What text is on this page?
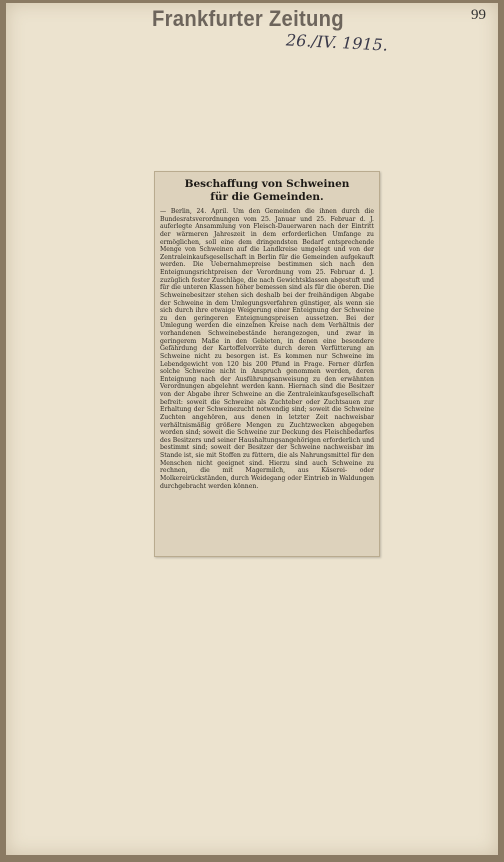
Frankfurter Zeitung	99
26./IV. 1915.
Beschaffung von Schweinen
für die Gemeinden.
— Berlin, 24. April. Um den Gemeinden die ihnen durch die Bundesratsverordnungen vom 25. Januar und 25. Februar d. J. auferlegte Ansammlung von Fleisch-Dauerwaren nach der Eintritt der wärmeren Jahreszeit in dem erforderlichen Umfange zu ermöglichen, soll eine dem dringendsten Bedarf entsprechende Menge von Schweinen auf die Landkreise umgelegt und von der Zentraleinkaufsgesellschaft in Berlin für die Gemeinden aufgekauft werden. Die Uebernahmepreise bestimmen sich nach den Enteignungsrichtpreisen der Verordnung vom 25. Februar d. J. zuzüglich fester Zuschläge, die nach Gewichtsklassen abgestuft und für die unteren Klassen höher bemessen sind als für die oberen. Die Schweinebesitzer stehen sich deshalb bei der freihändigen Abgabe der Schweine in dem Umlegungsverfahren günstiger, als wenn sie sich durch ihre etwaige Weigerung einer Enteignung der Schweine zu den geringeren Enteignungspreisen aussetzen. Bei der Umlegung werden die einzelnen Kreise nach dem Verhältnis der vorhandenen Schweinebestände herangezogen, und zwar in geringerem Maße in den Gebieten, in denen eine besondere Gefährdung der Kartoffelvorräte durch deren Verfütterung an Schweine nicht zu besorgen ist. Es kommen nur Schweine im Lebendgewicht von 120 bis 200 Pfund in Frage. Ferner dürfen solche Schweine nicht in Anspruch genommen werden, deren Enteignung nach der Ausführungsanweisung zu den erwähnten Verordnungen abgelehnt werden kann. Hiernach sind die Besitzer von der Abgabe ihrer Schweine an die Zentraleinkaufsgesellschaft befreit: soweit die Schweine als Zuchteber oder Zuchtsauen zur Erhaltung der Schweinezucht notwendig sind; soweit die Schweine Zuchten angehören, aus denen in letzter Zeit nachweisbar verhältnismäßig größere Mengen zu Zuchtzwecken abgegeben worden sind; soweit die Schweine zur Deckung des Fleischbedarfes des Besitzers und seiner Haushaltungsangehörigen erforderlich und bestimmt sind; soweit der Besitzer der Schweine nachweisbar im Stande ist, sie mit Stoffen zu füttern, die als Nahrungsmittel für den Menschen nicht geeignet sind. Hierzu sind auch Schweine zu rechnen, die mit Magermilch, aus Käserei- oder Molkereirückständen, durch Weidegang oder Eintrieb in Waldungen durchgebracht werden können.
